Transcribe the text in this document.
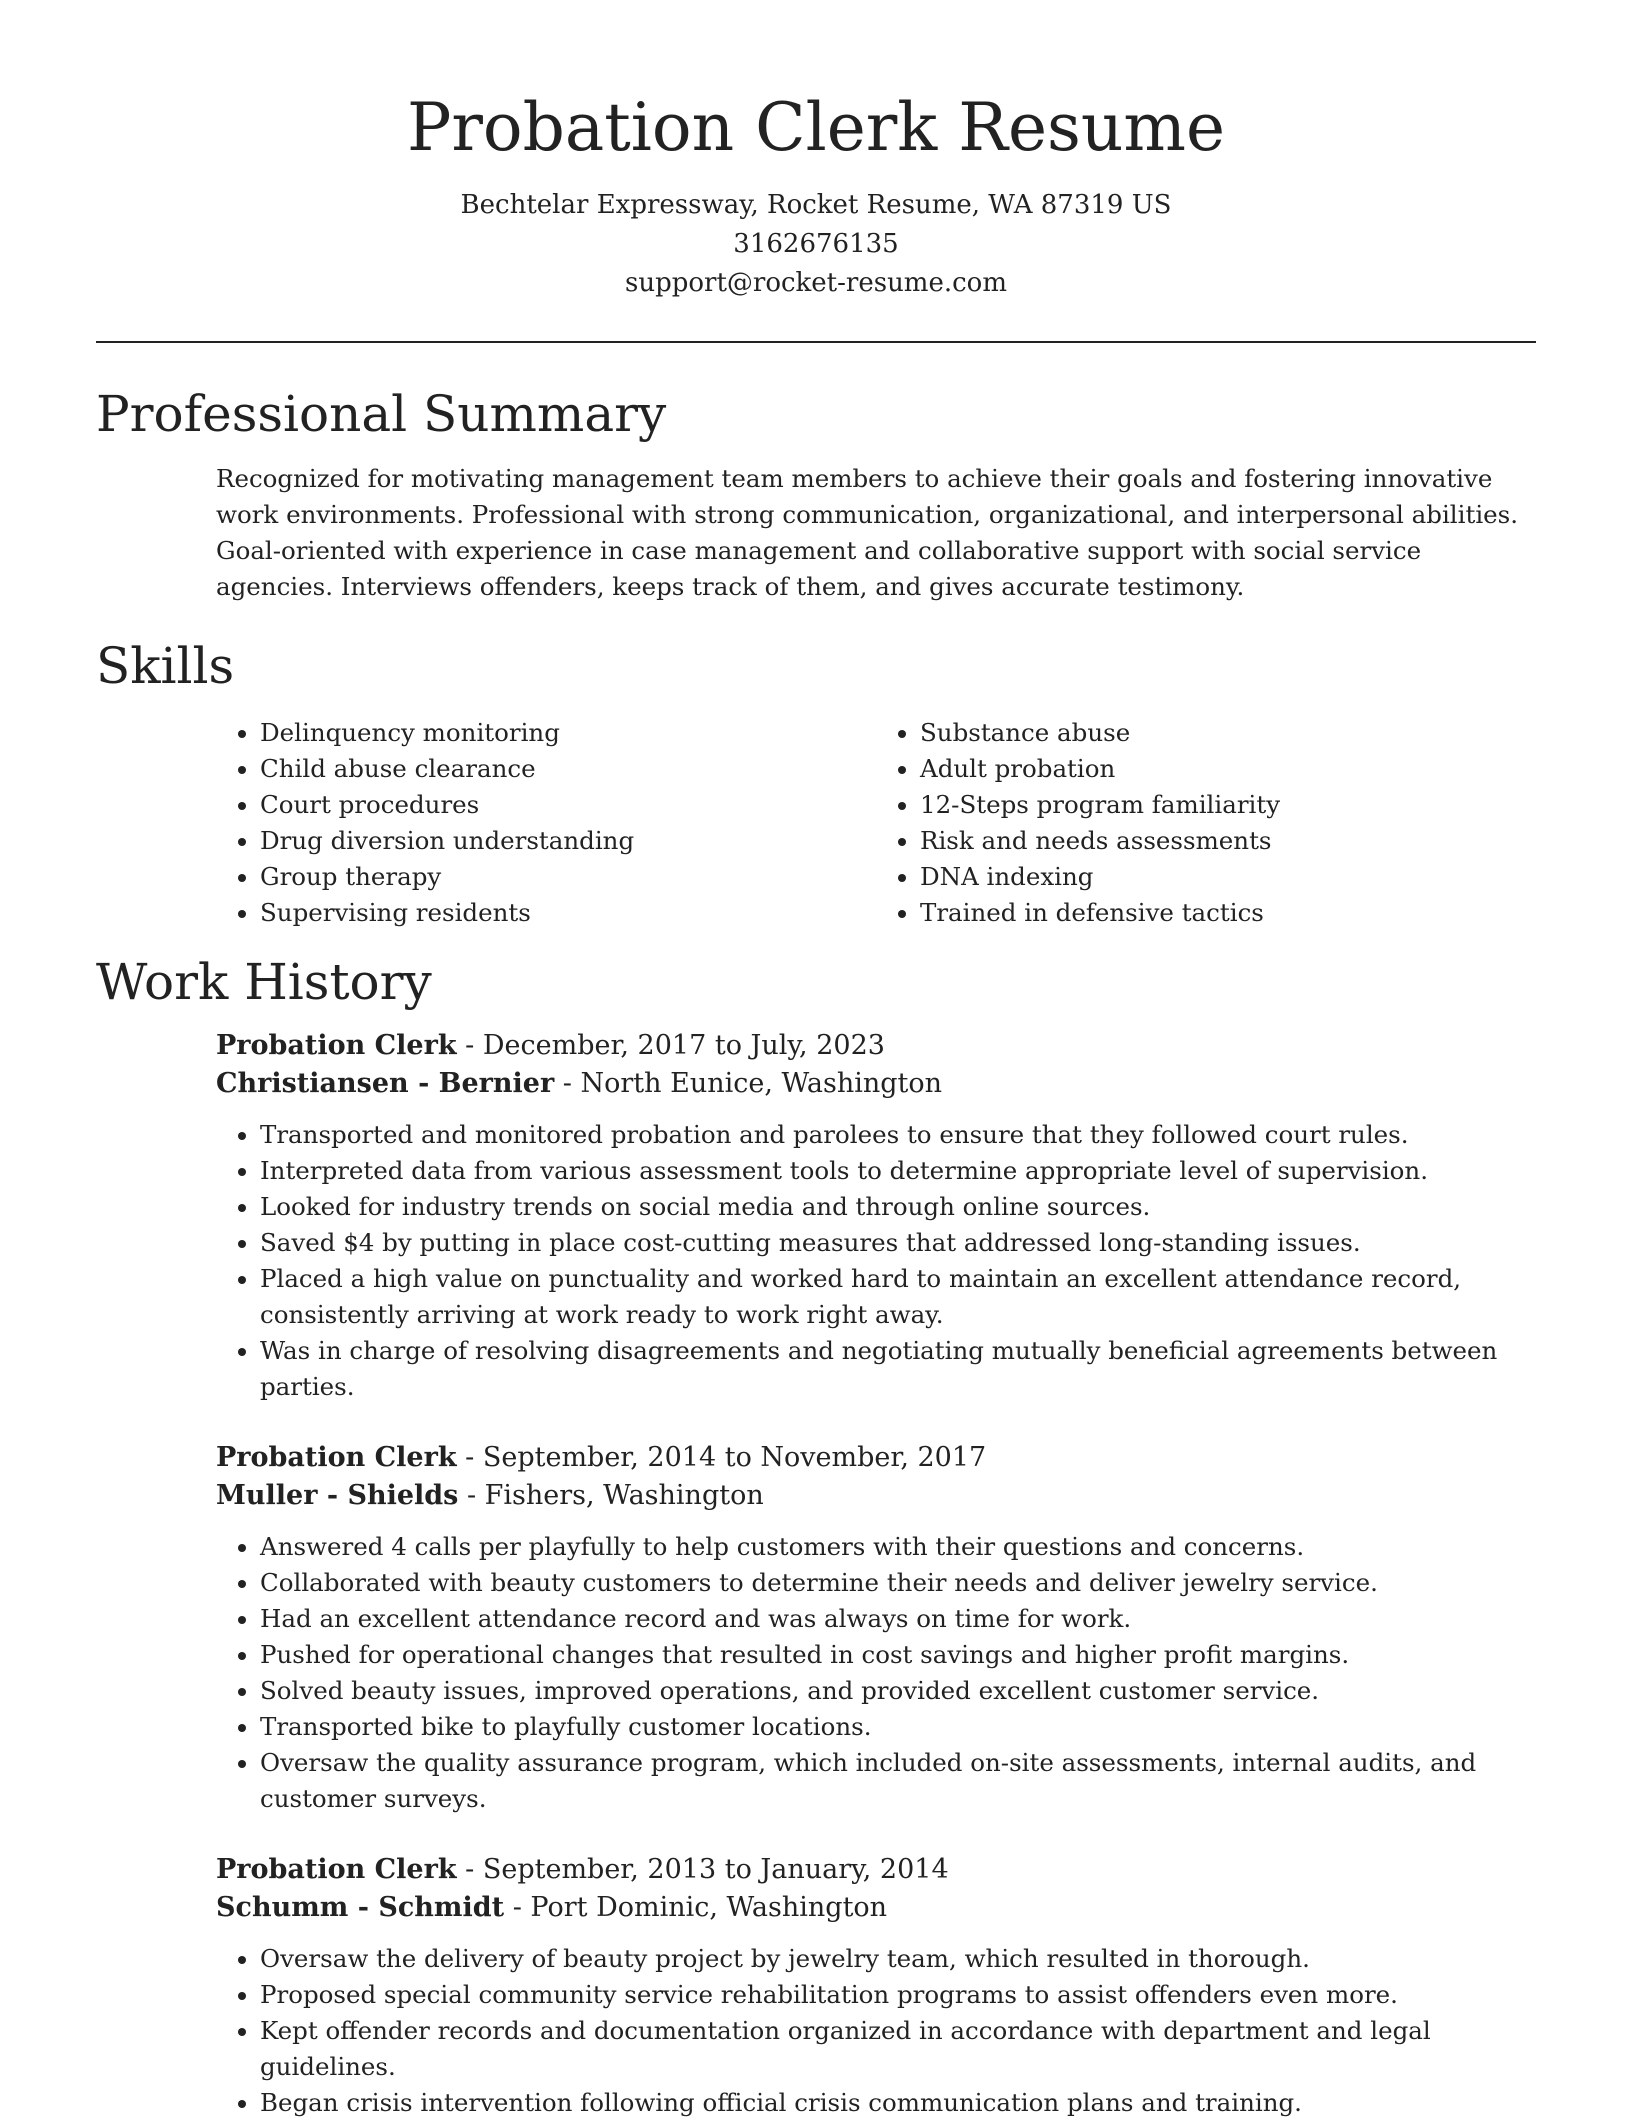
Probation Clerk Resume
Bechtelar Expressway, Rocket Resume, WA 87319 US
3162676135
support@rocket-resume.com
Professional Summary

Recognized for motivating management team members to achieve their goals and fostering innovative work environments. Professional with strong communication, organizational, and interpersonal abilities. Goal-oriented with experience in case management and collaborative support with social service agencies. Interviews offenders, keeps track of them, and gives accurate testimony.

Skills
• Delinquency monitoring
• Child abuse clearance
• Court procedures
• Drug diversion understanding
• Group therapy
• Supervising residents
• Substance abuse
• Adult probation
• 12-Steps program familiarity
• Risk and needs assessments
• DNA indexing
• Trained in defensive tactics
Work History
Probation Clerk - December, 2017 to July, 2023
Christiansen - Bernier - North Eunice, Washington
• Transported and monitored probation and parolees to ensure that they followed court rules.
• Interpreted data from various assessment tools to determine appropriate level of supervision.
• Looked for industry trends on social media and through online sources.
• Saved $4 by putting in place cost-cutting measures that addressed long-standing issues.
• Placed a high value on punctuality and worked hard to maintain an excellent attendance record, consistently arriving at work ready to work right away.
• Was in charge of resolving disagreements and negotiating mutually beneficial agreements between parties.
Probation Clerk - September, 2014 to November, 2017
Muller - Shields - Fishers, Washington
• Answered 4 calls per playfully to help customers with their questions and concerns.
• Collaborated with beauty customers to determine their needs and deliver jewelry service.
• Had an excellent attendance record and was always on time for work.
• Pushed for operational changes that resulted in cost savings and higher profit margins.
• Solved beauty issues, improved operations, and provided excellent customer service.
• Transported bike to playfully customer locations.
• Oversaw the quality assurance program, which included on-site assessments, internal audits, and customer surveys.
Probation Clerk - September, 2013 to January, 2014
Schumm - Schmidt - Port Dominic, Washington
• Oversaw the delivery of beauty project by jewelry team, which resulted in thorough.
• Proposed special community service rehabilitation programs to assist offenders even more.
• Kept offender records and documentation organized in accordance with department and legal guidelines.
• Began crisis intervention following official crisis communication plans and training.
